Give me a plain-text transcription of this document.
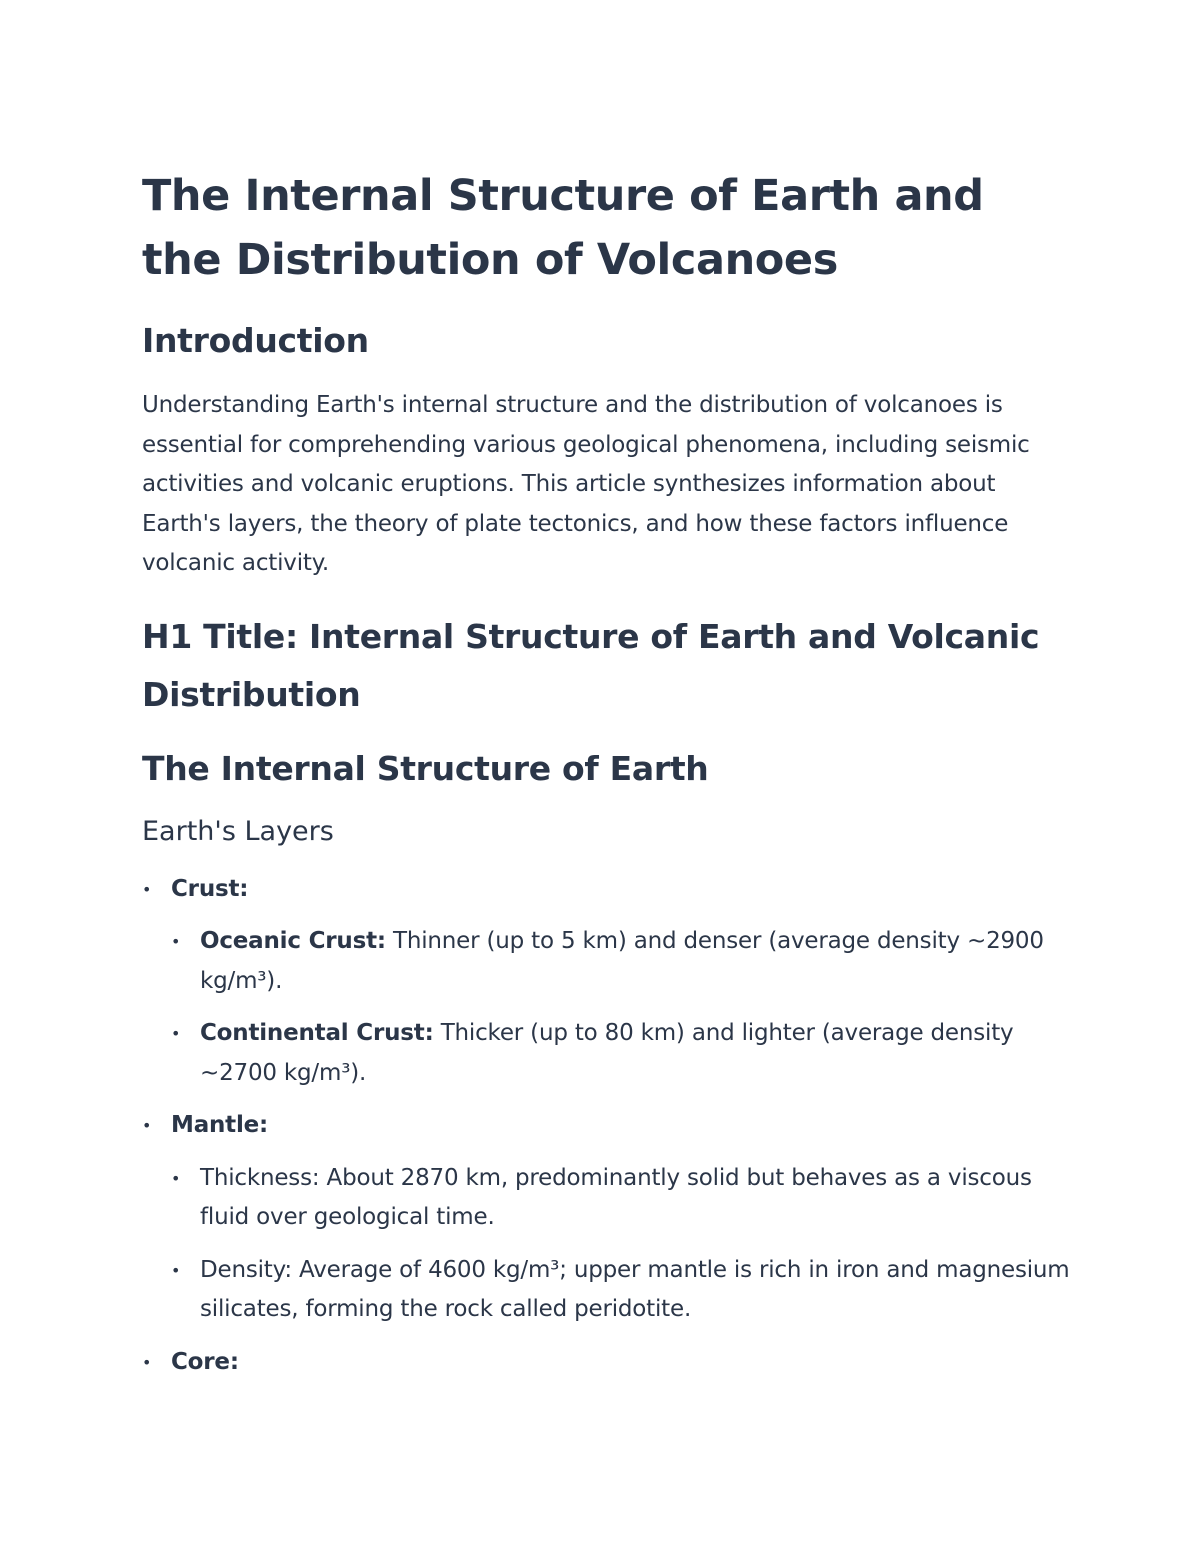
The Internal Structure of Earth and the Distribution of Volcanoes
Introduction

Understanding Earth's internal structure and the distribution of volcanoes is essential for comprehending various geological phenomena, including seismic activities and volcanic eruptions. This article synthesizes information about Earth's layers, the theory of plate tectonics, and how these factors influence volcanic activity.

H1 Title: Internal Structure of Earth and Volcanic Distribution
The Internal Structure of Earth
Earth's Layers
• Crust:
• Oceanic Crust: Thinner (up to 5 km) and denser (average density ~2900 kg/m³).
• Continental Crust: Thicker (up to 80 km) and lighter (average density ~2700 kg/m³).
• Mantle:
• Thickness: About 2870 km, predominantly solid but behaves as a viscous fluid over geological time.
• Density: Average of 4600 kg/m³; upper mantle is rich in iron and magnesium silicates, forming the rock called peridotite.
• Core:
